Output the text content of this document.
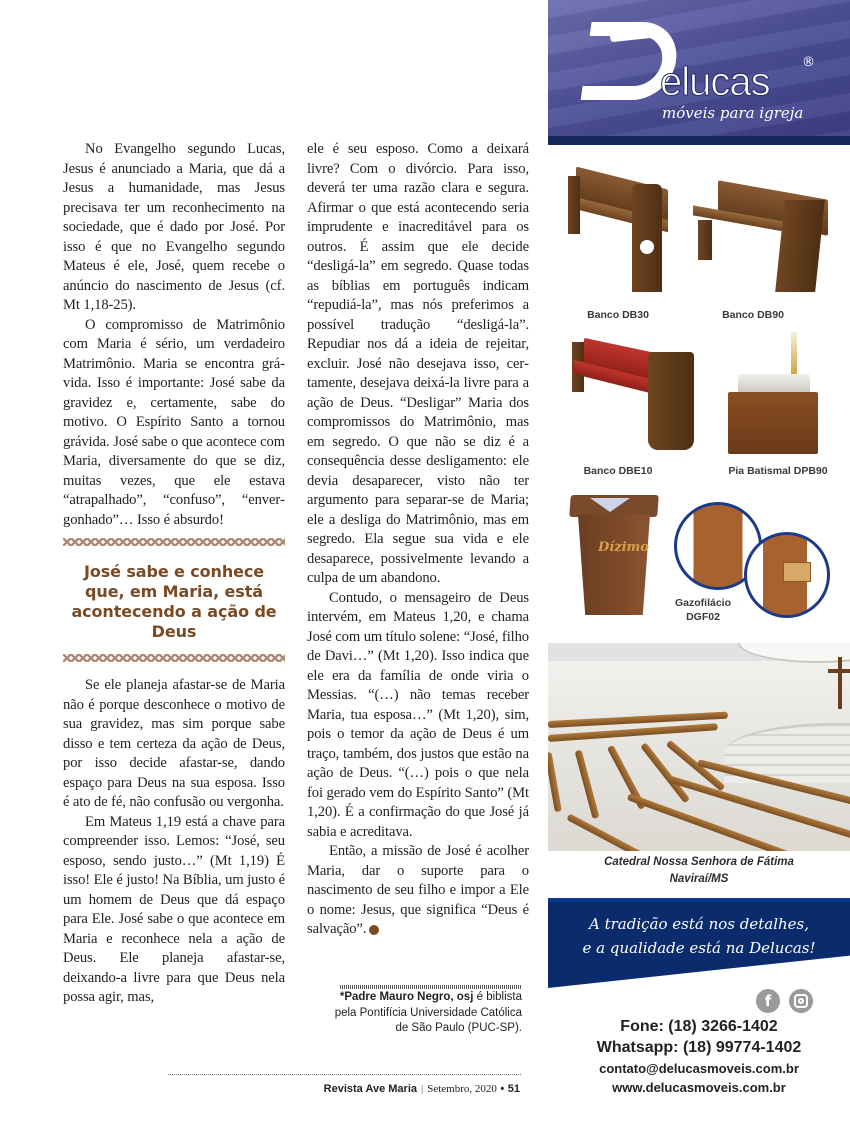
No Evangelho segundo Lucas, Jesus é anunciado a Maria, que dá a Jesus a humanidade, mas Jesus precisava ter um reconhecimento na sociedade, que é dado por José. Por isso é que no Evangelho segundo Mateus é ele, José, quem recebe o anúncio do nascimento de Jesus (cf. Mt 1,18-25).

O compromisso de Matrimônio com Maria é sério, um verdadeiro Matrimônio. Maria se encontra grávida. Isso é importante: José sabe da gravidez e, certamente, sabe do motivo. O Espírito Santo a tornou grávida. José sabe o que acontece com Maria, diversamente do que se diz, muitas vezes, que ele estava “atrapalhado”, “confuso”, “envergonhado”… Isso é absurdo!

José sabe e conhece que, em Maria, está acontecendo a ação de Deus

Se ele planeja afastar-se de Maria não é porque desconhece o motivo de sua gravidez, mas sim porque sabe disso e tem certeza da ação de Deus, por isso decide afastar-se, dando espaço para Deus na sua esposa. Isso é ato de fé, não confusão ou vergonha.

Em Mateus 1,19 está a chave para compreender isso. Lemos: “José, seu esposo, sendo justo…” (Mt 1,19) É isso! Ele é justo! Na Bíblia, um justo é um homem de Deus que dá espaço para Ele. José sabe o que acontece em Maria e reconhece nela a ação de Deus. Ele planeja afastar-se, deixando-a livre para que Deus nela possa agir, mas,

ele é seu esposo. Como a deixará livre? Com o divórcio. Para isso, deverá ter uma razão clara e segura. Afirmar o que está acontecendo seria imprudente e inacreditável para os outros. É assim que ele decide “desligá-la” em segredo. Quase todas as bíblias em português indicam “repudiá-la”, mas nós preferimos a possível tradução “desligá-la”. Repudiar nos dá a ideia de rejeitar, excluir. José não desejava isso, certamente, desejava deixá-la livre para a ação de Deus. “Desligar” Maria dos compromissos do Matrimônio, mas em segredo. O que não se diz é a consequência desse desligamento: ele devia desaparecer, visto não ter argumento para separar-se de Maria; ele a desliga do Matrimônio, mas em segredo. Ela segue sua vida e ele desaparece, possivelmente levando a culpa de um abandono.

Contudo, o mensageiro de Deus intervém, em Mateus 1,20, e chama José com um título solene: “José, filho de Davi…” (Mt 1,20). Isso indica que ele era da família de onde viria o Messias. “(…) não temas receber Maria, tua esposa…” (Mt 1,20), sim, pois o temor da ação de Deus é um traço, também, dos justos que estão na ação de Deus. “(…) pois o que nela foi gerado vem do Espírito Santo” (Mt 1,20). É a confirmação do que José já sabia e acreditava.

Então, a missão de José é acolher Maria, dar o suporte para o nascimento de seu filho e impor a Ele o nome: Jesus, que significa “Deus é salvação”.

*Padre Mauro Negro, osj é biblista pela Pontifícia Universidade Católica de São Paulo (PUC-SP).
Revista Ave Maria | Setembro, 2020 • 51
elucas ®
móveis para igreja
Banco DB30	Banco DB90
Banco DBE10	Pia Batismal DPB90
Dízimo
Gazofilácio
DGF02
Catedral Nossa Senhora de Fátima
Naviraí/MS
A tradição está nos detalhes,
e a qualidade está na Delucas!
f
Fone: (18) 3266-1402
Whatsapp: (18) 99774-1402
contato@delucasmoveis.com.br
www.delucasmoveis.com.br
